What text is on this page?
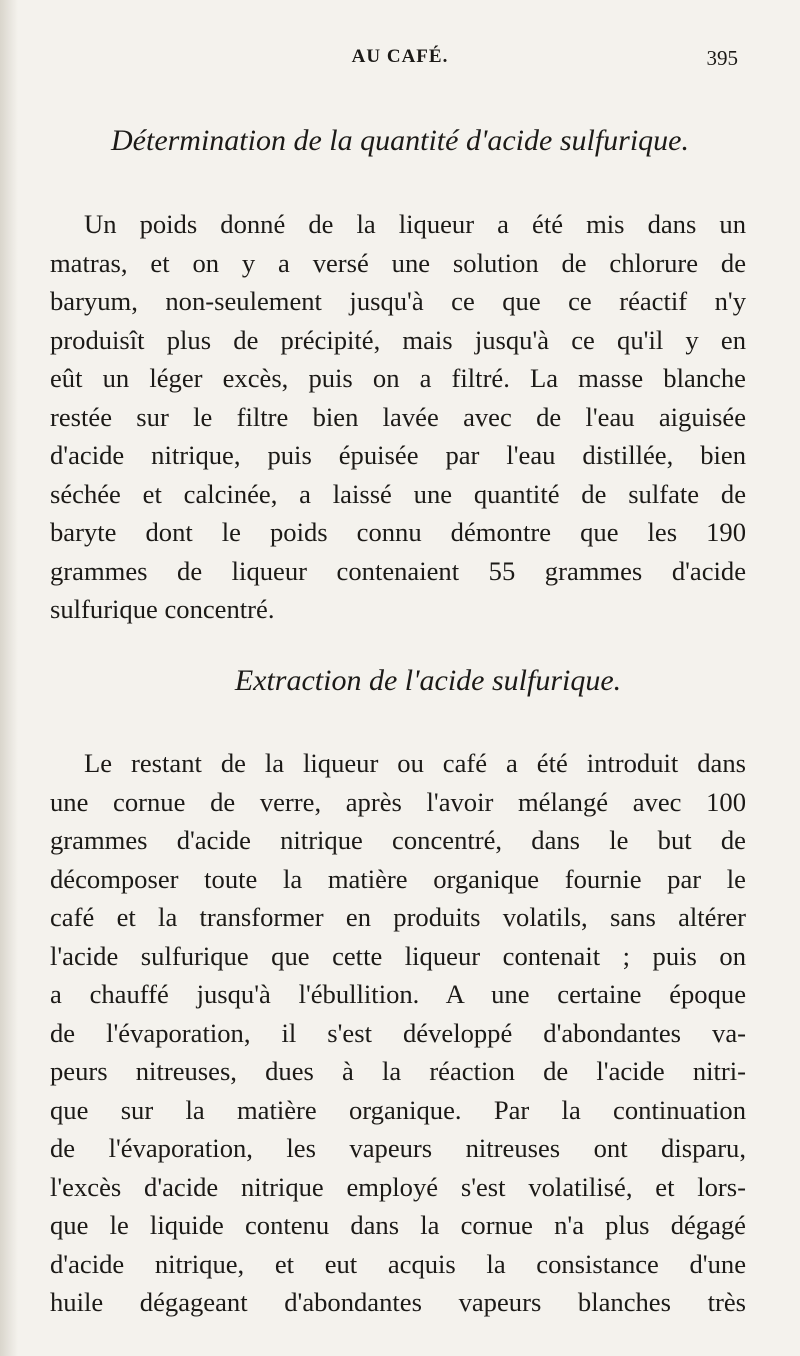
AU CAFÉ.	395
Détermination de la quantité d'acide sulfurique.
Un poids donné de la liqueur a été mis dans un
matras, et on y a versé une solution de chlorure de
baryum, non-seulement jusqu'à ce que ce réactif n'y
produisît plus de précipité, mais jusqu'à ce qu'il y en
eût un léger excès, puis on a filtré. La masse blanche
restée sur le filtre bien lavée avec de l'eau aiguisée
d'acide nitrique, puis épuisée par l'eau distillée, bien
séchée et calcinée, a laissé une quantité de sulfate de
baryte dont le poids connu démontre que les 190
grammes de liqueur contenaient 55 grammes d'acide
sulfurique concentré.
Extraction de l'acide sulfurique.
Le restant de la liqueur ou café a été introduit dans
une cornue de verre, après l'avoir mélangé avec 100
grammes d'acide nitrique concentré, dans le but de
décomposer toute la matière organique fournie par le
café et la transformer en produits volatils, sans altérer
l'acide sulfurique que cette liqueur contenait ; puis on
a chauffé jusqu'à l'ébullition. A une certaine époque
de l'évaporation, il s'est développé d'abondantes va-
peurs nitreuses, dues à la réaction de l'acide nitri-
que sur la matière organique. Par la continuation
de l'évaporation, les vapeurs nitreuses ont disparu,
l'excès d'acide nitrique employé s'est volatilisé, et lors-
que le liquide contenu dans la cornue n'a plus dégagé
d'acide nitrique, et eut acquis la consistance d'une
huile dégageant d'abondantes vapeurs blanches très
